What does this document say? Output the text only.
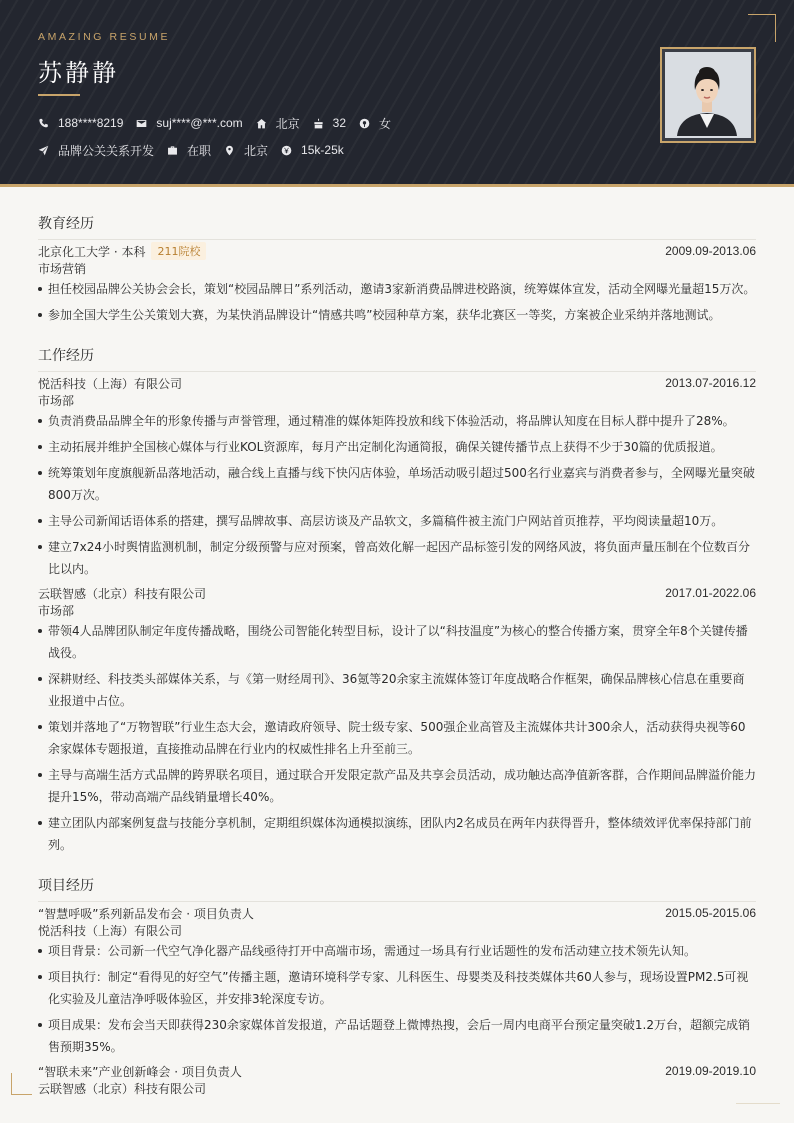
AMAZING RESUME
苏静静
188****8219	suj****@***.com	北京	32	女
品牌公关关系开发	在职	北京	15k-25k
教育经历
北京化工大学 · 本科	211院校	2009.09-2013.06
市场营销
担任校园品牌公关协会会长，策划“校园品牌日”系列活动，邀请3家新消费品牌进校路演，统筹媒体宣发，活动全网曝光量超15万次。
参加全国大学生公关策划大赛，为某快消品牌设计“情感共鸣”校园种草方案，获华北赛区一等奖，方案被企业采纳并落地测试。
工作经历
悦活科技（上海）有限公司	2013.07-2016.12
市场部
负责消费品品牌全年的形象传播与声誉管理，通过精准的媒体矩阵投放和线下体验活动，将品牌认知度在目标人群中提升了28%。
主动拓展并维护全国核心媒体与行业KOL资源库，每月产出定制化沟通简报，确保关键传播节点上获得不少于30篇的优质报道。
统筹策划年度旗舰新品落地活动，融合线上直播与线下快闪店体验，单场活动吸引超过500名行业嘉宾与消费者参与，全网曝光量突破800万次。
主导公司新闻话语体系的搭建，撰写品牌故事、高层访谈及产品软文，多篇稿件被主流门户网站首页推荐，平均阅读量超10万。
建立7x24小时舆情监测机制，制定分级预警与应对预案，曾高效化解一起因产品标签引发的网络风波，将负面声量压制在个位数百分比以内。
云联智感（北京）科技有限公司	2017.01-2022.06
市场部
带领4人品牌团队制定年度传播战略，围绕公司智能化转型目标，设计了以“科技温度”为核心的整合传播方案，贯穿全年8个关键传播战役。
深耕财经、科技类头部媒体关系，与《第一财经周刊》、36氪等20余家主流媒体签订年度战略合作框架，确保品牌核心信息在重要商业报道中占位。
策划并落地了“万物智联”行业生态大会，邀请政府领导、院士级专家、500强企业高管及主流媒体共计300余人，活动获得央视等60余家媒体专题报道，直接推动品牌在行业内的权威性排名上升至前三。
主导与高端生活方式品牌的跨界联名项目，通过联合开发限定款产品及共享会员活动，成功触达高净值新客群，合作期间品牌溢价能力提升15%，带动高端产品线销量增长40%。
建立团队内部案例复盘与技能分享机制，定期组织媒体沟通模拟演练，团队内2名成员在两年内获得晋升，整体绩效评优率保持部门前列。
项目经历
“智慧呼吸”系列新品发布会 · 项目负责人	2015.05-2015.06
悦活科技（上海）有限公司
项目背景：公司新一代空气净化器产品线亟待打开中高端市场，需通过一场具有行业话题性的发布活动建立技术领先认知。
项目执行：制定“看得见的好空气”传播主题，邀请环境科学专家、儿科医生、母婴类及科技类媒体共60人参与，现场设置PM2.5可视化实验及儿童洁净呼吸体验区，并安排3轮深度专访。
项目成果：发布会当天即获得230余家媒体首发报道，产品话题登上微博热搜，会后一周内电商平台预定量突破1.2万台，超额完成销售预期35%。
“智联未来”产业创新峰会 · 项目负责人	2019.09-2019.10
云联智感（北京）科技有限公司
